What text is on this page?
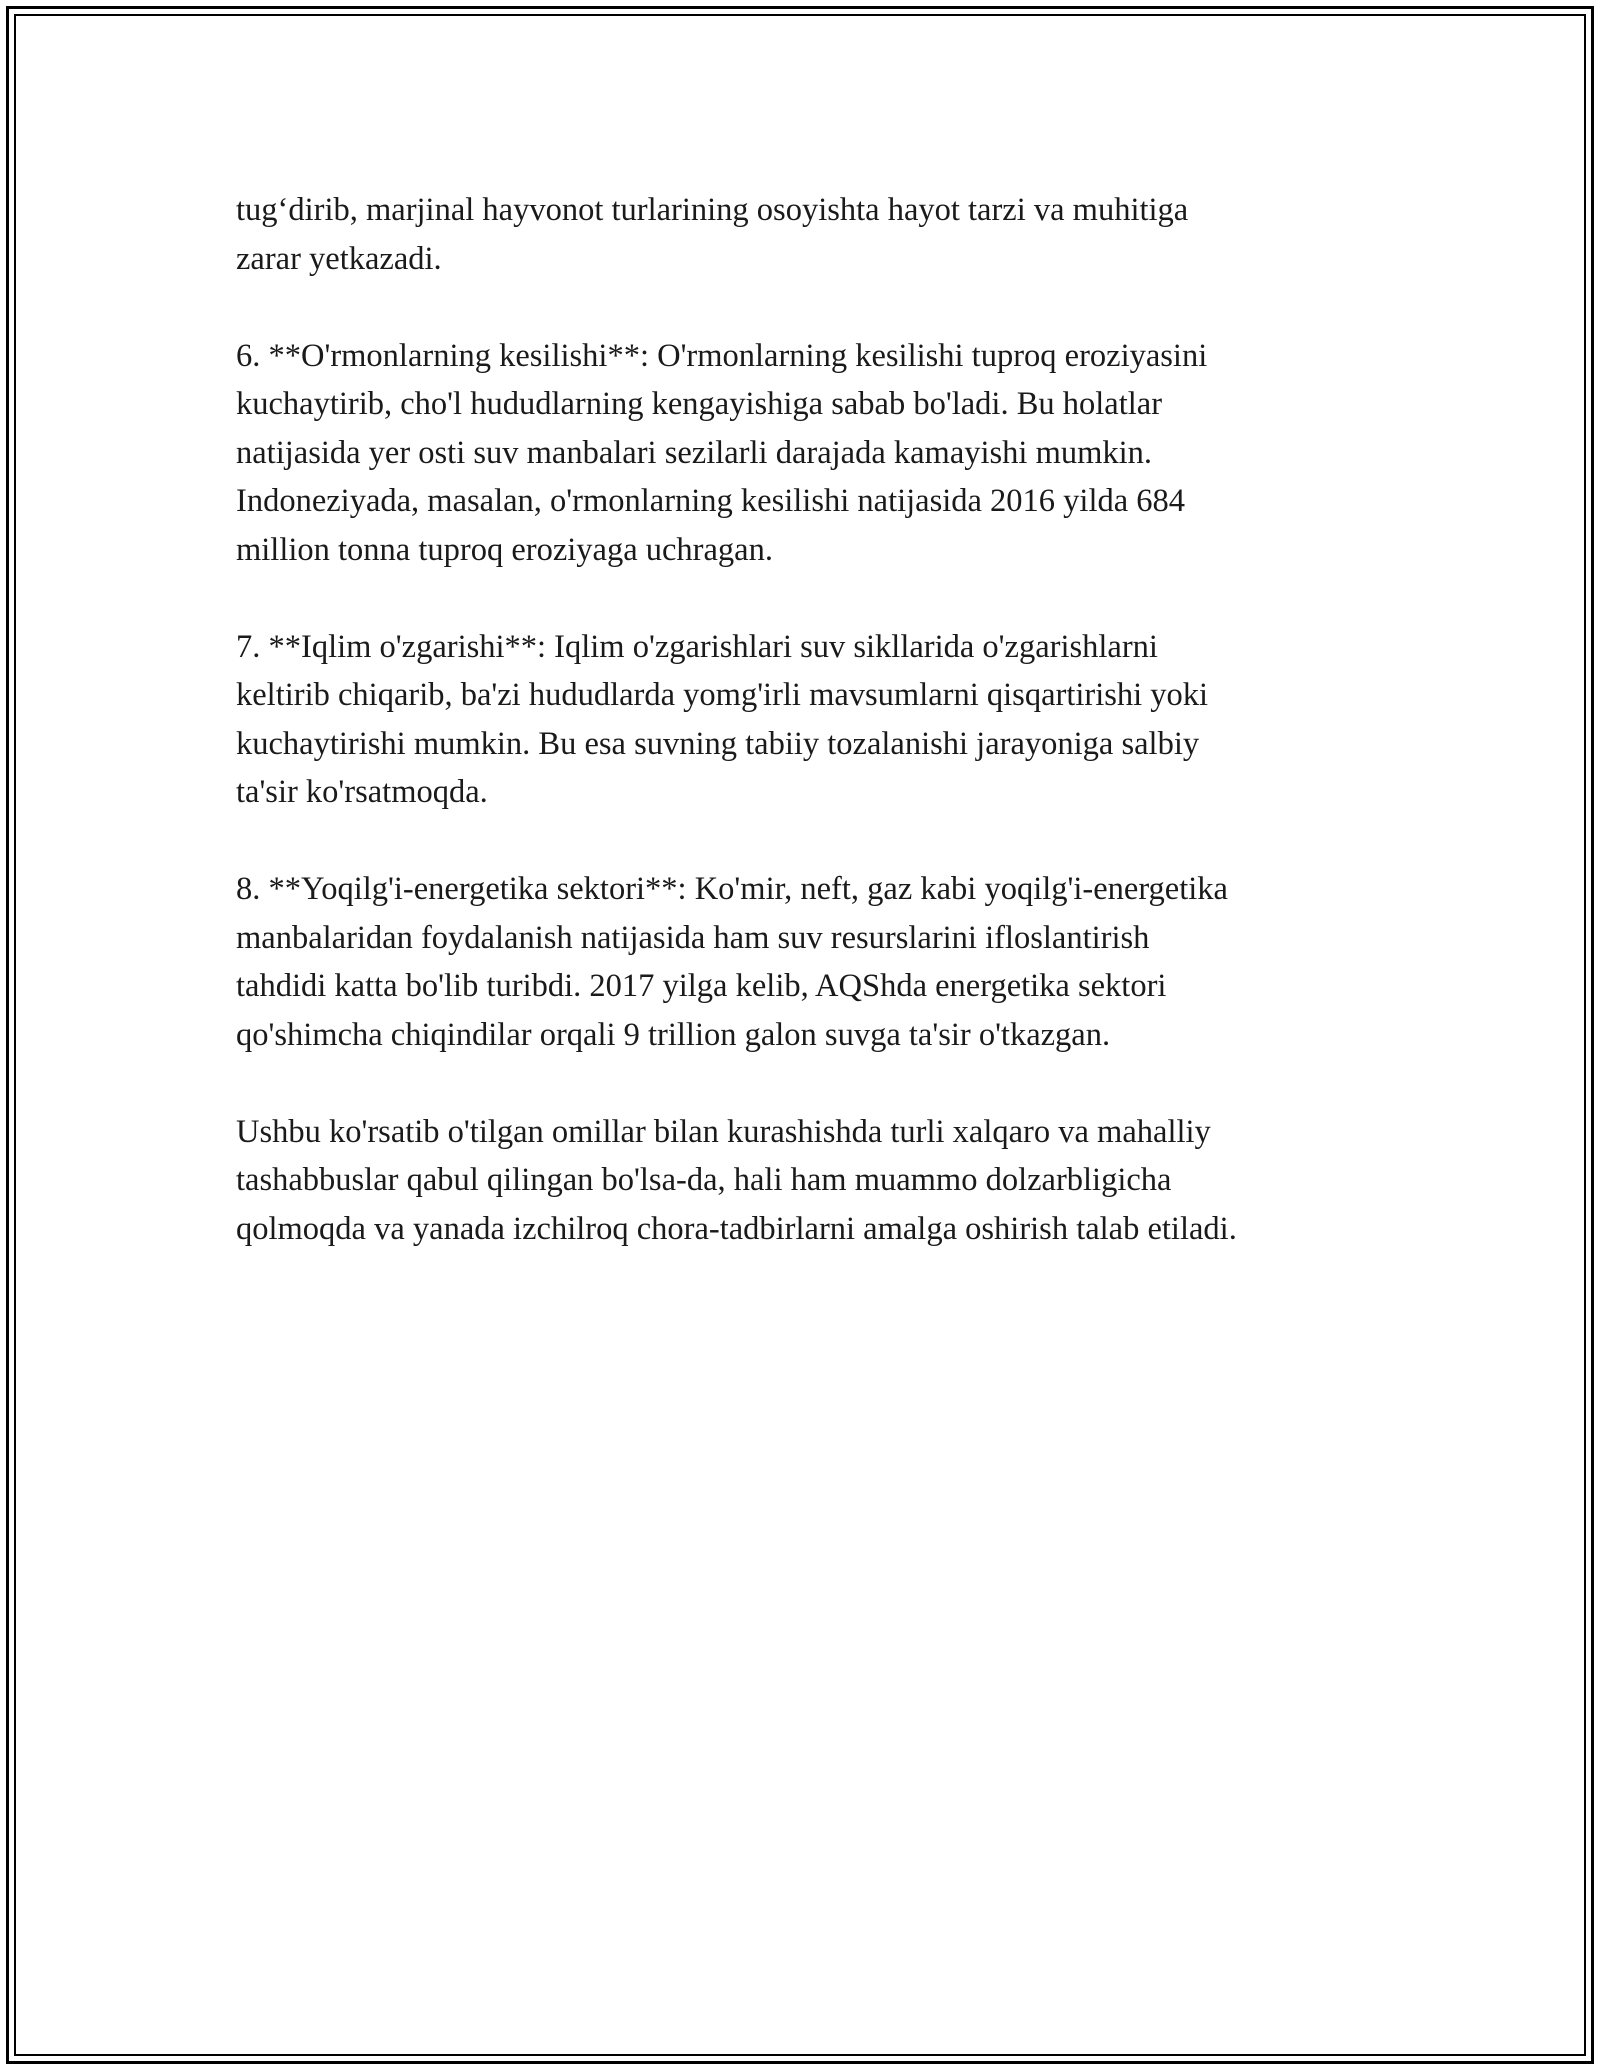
tug‘dirib, marjinal hayvonot turlarining osoyishta hayot tarzi va muhitiga
zarar yetkazadi.

6. **O'rmonlarning kesilishi**: O'rmonlarning kesilishi tuproq eroziyasini
kuchaytirib, cho'l hududlarning kengayishiga sabab bo'ladi. Bu holatlar
natijasida yer osti suv manbalari sezilarli darajada kamayishi mumkin.
Indoneziyada, masalan, o'rmonlarning kesilishi natijasida 2016 yilda 684
million tonna tuproq eroziyaga uchragan.

7. **Iqlim o'zgarishi**: Iqlim o'zgarishlari suv sikllarida o'zgarishlarni
keltirib chiqarib, ba'zi hududlarda yomg'irli mavsumlarni qisqartirishi yoki
kuchaytirishi mumkin. Bu esa suvning tabiiy tozalanishi jarayoniga salbiy
ta'sir ko'rsatmoqda.

8. **Yoqilg'i-energetika sektori**: Ko'mir, neft, gaz kabi yoqilg'i-energetika
manbalaridan foydalanish natijasida ham suv resurslarini ifloslantirish
tahdidi katta bo'lib turibdi. 2017 yilga kelib, AQShda energetika sektori
qo'shimcha chiqindilar orqali 9 trillion galon suvga ta'sir o'tkazgan.

Ushbu ko'rsatib o'tilgan omillar bilan kurashishda turli xalqaro va mahalliy
tashabbuslar qabul qilingan bo'lsa-da, hali ham muammo dolzarbligicha
qolmoqda va yanada izchilroq chora-tadbirlarni amalga oshirish talab etiladi.
